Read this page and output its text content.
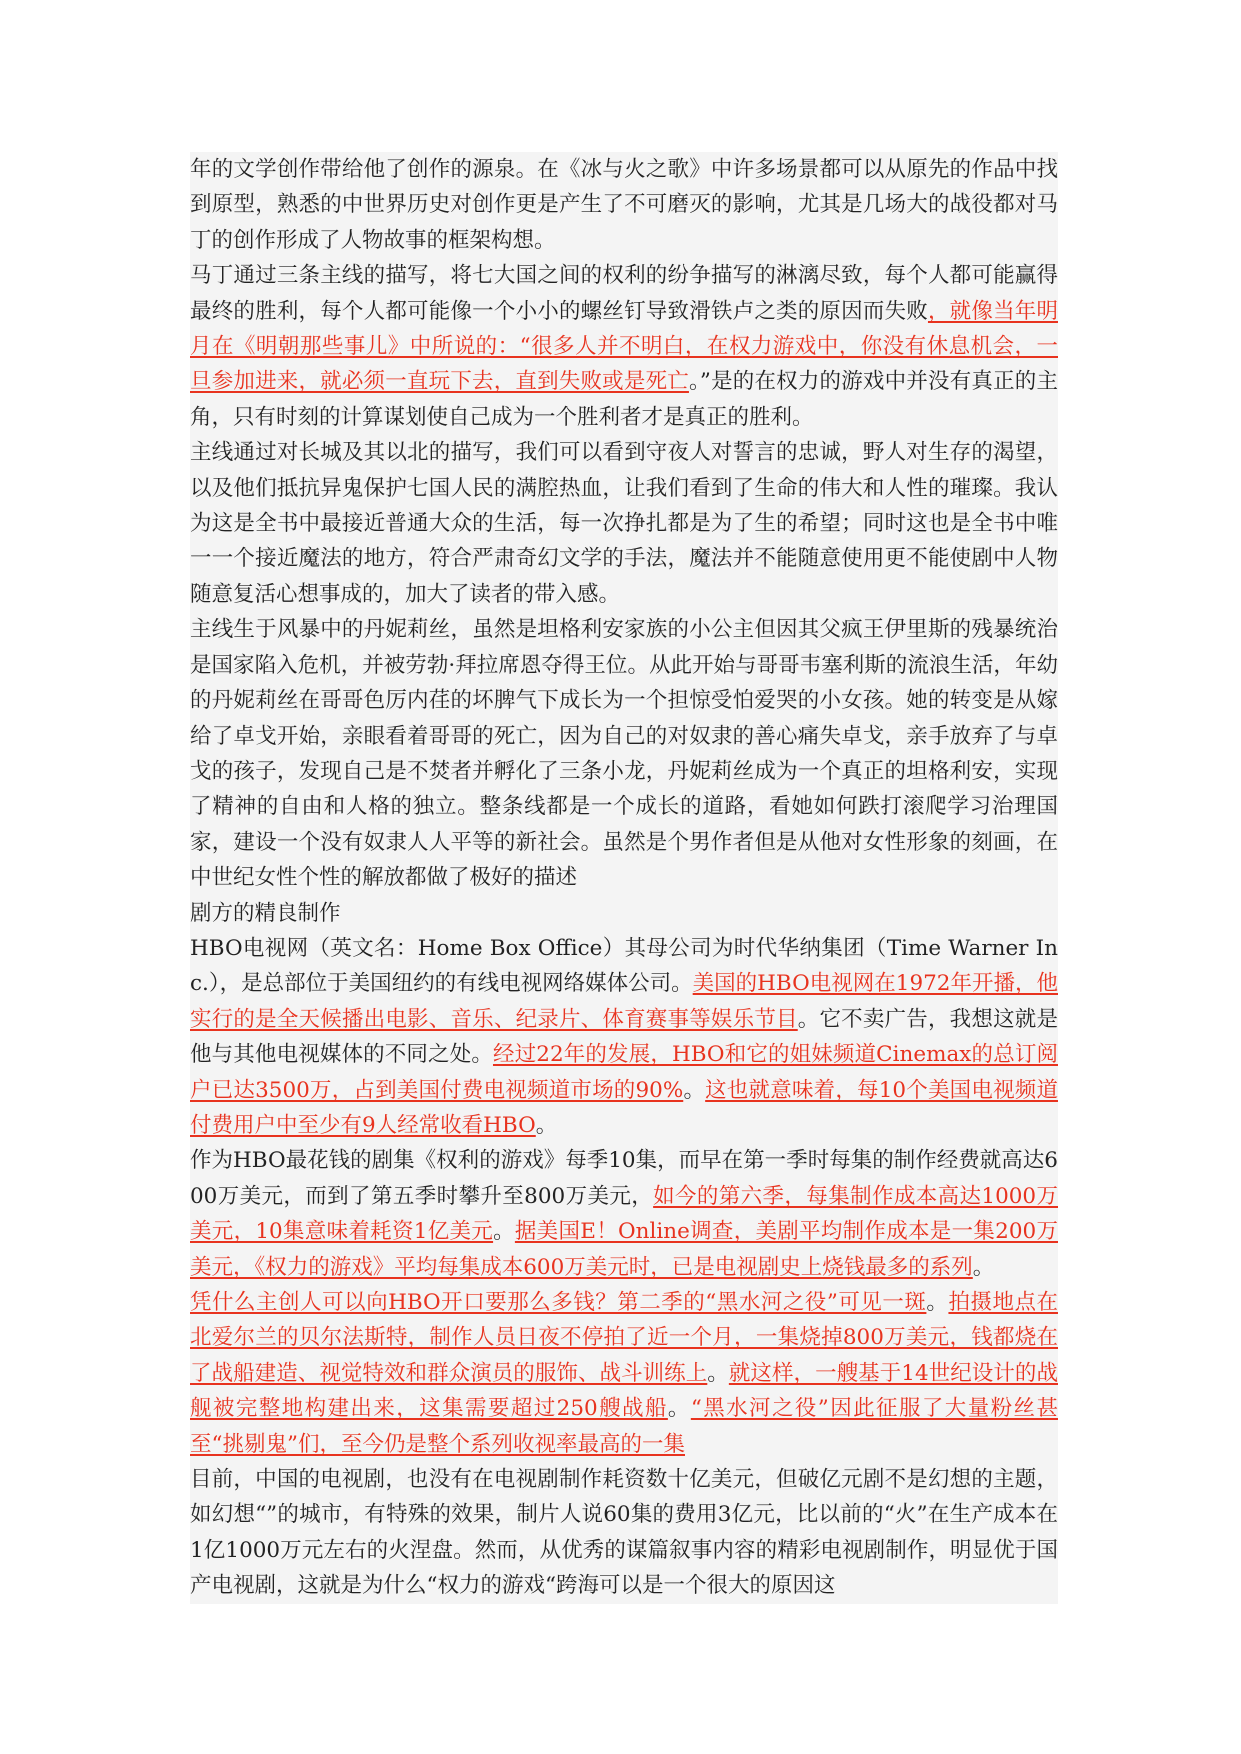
年的文学创作带给他了创作的源泉。在《冰与火之歌》中许多场景都可以从原先的作品中找到原型，熟悉的中世界历史对创作更是产生了不可磨灭的影响，尤其是几场大的战役都对马丁的创作形成了人物故事的框架构想。

马丁通过三条主线的描写，将七大国之间的权利的纷争描写的淋漓尽致，每个人都可能赢得最终的胜利，每个人都可能像一个小小的螺丝钉导致滑铁卢之类的原因而失败，就像当年明月在《明朝那些事儿》中所说的：“很多人并不明白，在权力游戏中，你没有休息机会，一旦参加进来，就必须一直玩下去，直到失败或是死亡。”是的在权力的游戏中并没有真正的主角，只有时刻的计算谋划使自己成为一个胜利者才是真正的胜利。

主线通过对长城及其以北的描写，我们可以看到守夜人对誓言的忠诚，野人对生存的渴望，以及他们抵抗异鬼保护七国人民的满腔热血，让我们看到了生命的伟大和人性的璀璨。我认为这是全书中最接近普通大众的生活，每一次挣扎都是为了生的希望；同时这也是全书中唯一一个接近魔法的地方，符合严肃奇幻文学的手法，魔法并不能随意使用更不能使剧中人物随意复活心想事成的，加大了读者的带入感。

主线生于风暴中的丹妮莉丝，虽然是坦格利安家族的小公主但因其父疯王伊里斯的残暴统治是国家陷入危机，并被劳勃·拜拉席恩夺得王位。从此开始与哥哥韦塞利斯的流浪生活，年幼的丹妮莉丝在哥哥色厉内荏的坏脾气下成长为一个担惊受怕爱哭的小女孩。她的转变是从嫁给了卓戈开始，亲眼看着哥哥的死亡，因为自己的对奴隶的善心痛失卓戈，亲手放弃了与卓戈的孩子，发现自己是不焚者并孵化了三条小龙，丹妮莉丝成为一个真正的坦格利安，实现了精神的自由和人格的独立。整条线都是一个成长的道路，看她如何跌打滚爬学习治理国家，建设一个没有奴隶人人平等的新社会。虽然是个男作者但是从他对女性形象的刻画，在中世纪女性个性的解放都做了极好的描述

剧方的精良制作

HBO电视网（英文名：Home Box Office）其母公司为时代华纳集团（Time Warner Inc.），是总部位于美国纽约的有线电视网络媒体公司。美国的HBO电视网在1972年开播，他实行的是全天候播出电影、音乐、纪录片、体育赛事等娱乐节目。它不卖广告，我想这就是他与其他电视媒体的不同之处。经过22年的发展，HBO和它的姐妹频道Cinemax的总订阅户已达3500万，占到美国付费电视频道市场的90%。这也就意味着，每10个美国电视频道付费用户中至少有9人经常收看HBO。

作为HBO最花钱的剧集《权利的游戏》每季10集，而早在第一季时每集的制作经费就高达600万美元，而到了第五季时攀升至800万美元，如今的第六季，每集制作成本高达1000万美元，10集意味着耗资1亿美元。据美国E！Online调查，美剧平均制作成本是一集200万美元，《权力的游戏》平均每集成本600万美元时，已是电视剧史上烧钱最多的系列。

凭什么主创人可以向HBO开口要那么多钱？第二季的“黑水河之役”可见一斑。拍摄地点在北爱尔兰的贝尔法斯特，制作人员日夜不停拍了近一个月，一集烧掉800万美元，钱都烧在了战船建造、视觉特效和群众演员的服饰、战斗训练上。就这样，一艘基于14世纪设计的战舰被完整地构建出来，这集需要超过250艘战船。“黑水河之役”因此征服了大量粉丝甚至“挑剔鬼”们，至今仍是整个系列收视率最高的一集

目前，中国的电视剧，也没有在电视剧制作耗资数十亿美元，但破亿元剧不是幻想的主题，如幻想“”的城市，有特殊的效果，制片人说60集的费用3亿元，比以前的“火”在生产成本在1亿1000万元左右的火涅盘。然而，从优秀的谋篇叙事内容的精彩电视剧制作，明显优于国产电视剧，这就是为什么“权力的游戏“跨海可以是一个很大的原因这
